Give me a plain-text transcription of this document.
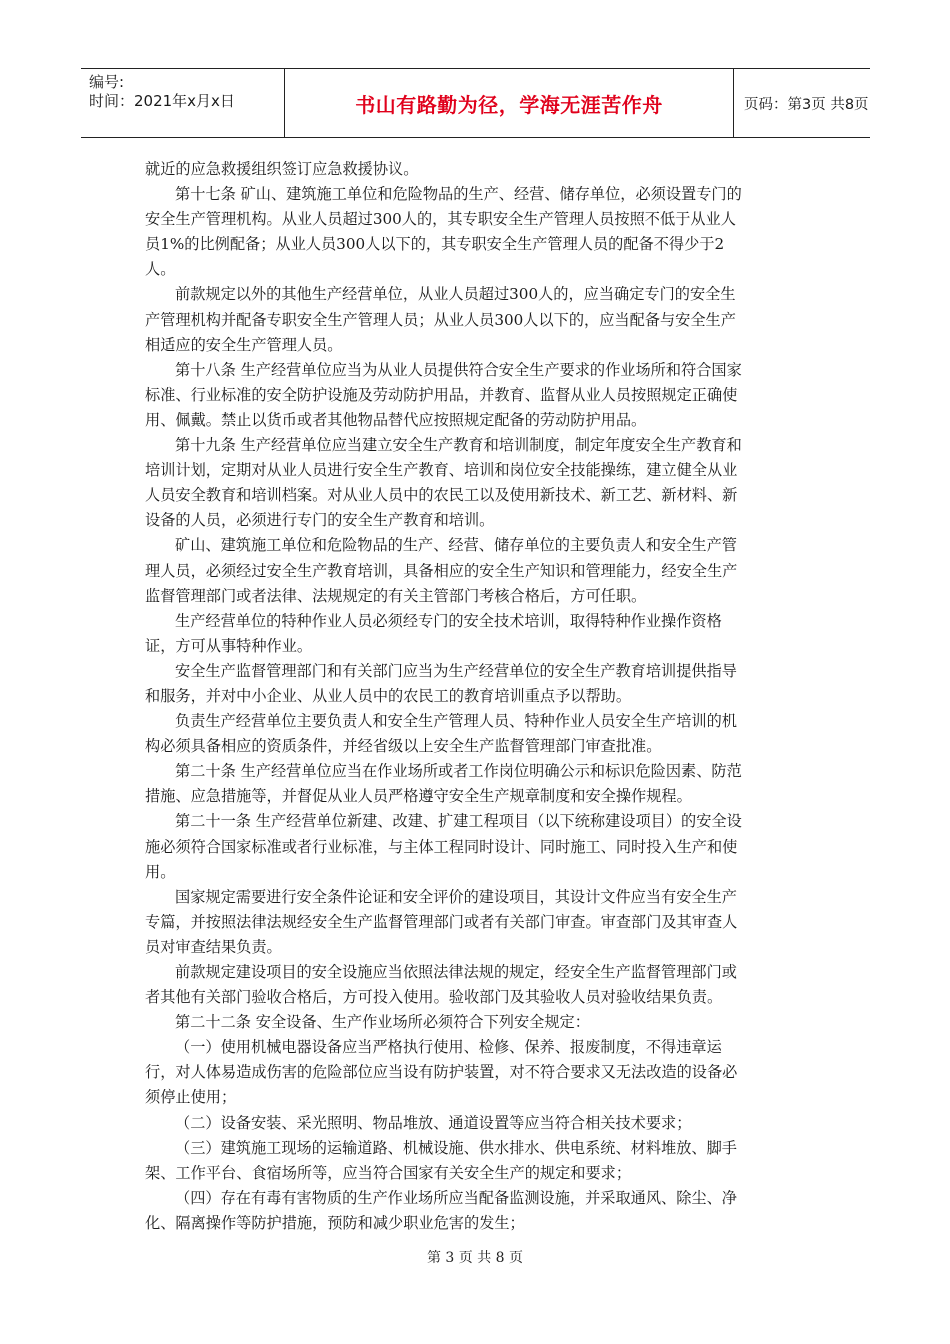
编号:
时间：2021年x月x日	书山有路勤为径，学海无涯苦作舟	页码：第3页 共8页
就近的应急救援组织签订应急救援协议。
第十七条 矿山、建筑施工单位和危险物品的生产、经营、储存单位，必须设置专门的
安全生产管理机构。从业人员超过300人的，其专职安全生产管理人员按照不低于从业人
员1%的比例配备；从业人员300人以下的，其专职安全生产管理人员的配备不得少于2
人。
前款规定以外的其他生产经营单位，从业人员超过300人的，应当确定专门的安全生
产管理机构并配备专职安全生产管理人员；从业人员300人以下的，应当配备与安全生产
相适应的安全生产管理人员。
第十八条 生产经营单位应当为从业人员提供符合安全生产要求的作业场所和符合国家
标准、行业标准的安全防护设施及劳动防护用品，并教育、监督从业人员按照规定正确使
用、佩戴。禁止以货币或者其他物品替代应按照规定配备的劳动防护用品。
第十九条 生产经营单位应当建立安全生产教育和培训制度，制定年度安全生产教育和
培训计划，定期对从业人员进行安全生产教育、培训和岗位安全技能操练，建立健全从业
人员安全教育和培训档案。对从业人员中的农民工以及使用新技术、新工艺、新材料、新
设备的人员，必须进行专门的安全生产教育和培训。
矿山、建筑施工单位和危险物品的生产、经营、储存单位的主要负责人和安全生产管
理人员，必须经过安全生产教育培训，具备相应的安全生产知识和管理能力，经安全生产
监督管理部门或者法律、法规规定的有关主管部门考核合格后，方可任职。
生产经营单位的特种作业人员必须经专门的安全技术培训，取得特种作业操作资格
证，方可从事特种作业。
安全生产监督管理部门和有关部门应当为生产经营单位的安全生产教育培训提供指导
和服务，并对中小企业、从业人员中的农民工的教育培训重点予以帮助。
负责生产经营单位主要负责人和安全生产管理人员、特种作业人员安全生产培训的机
构必须具备相应的资质条件，并经省级以上安全生产监督管理部门审查批准。
第二十条 生产经营单位应当在作业场所或者工作岗位明确公示和标识危险因素、防范
措施、应急措施等，并督促从业人员严格遵守安全生产规章制度和安全操作规程。
第二十一条 生产经营单位新建、改建、扩建工程项目（以下统称建设项目）的安全设
施必须符合国家标准或者行业标准，与主体工程同时设计、同时施工、同时投入生产和使
用。
国家规定需要进行安全条件论证和安全评价的建设项目，其设计文件应当有安全生产
专篇，并按照法律法规经安全生产监督管理部门或者有关部门审查。审查部门及其审查人
员对审查结果负责。
前款规定建设项目的安全设施应当依照法律法规的规定，经安全生产监督管理部门或
者其他有关部门验收合格后，方可投入使用。验收部门及其验收人员对验收结果负责。
第二十二条 安全设备、生产作业场所必须符合下列安全规定：
（一）使用机械电器设备应当严格执行使用、检修、保养、报废制度，不得违章运
行，对人体易造成伤害的危险部位应当设有防护装置，对不符合要求又无法改造的设备必
须停止使用；
（二）设备安装、采光照明、物品堆放、通道设置等应当符合相关技术要求；
（三）建筑施工现场的运输道路、机械设施、供水排水、供电系统、材料堆放、脚手
架、工作平台、食宿场所等，应当符合国家有关安全生产的规定和要求；
（四）存在有毒有害物质的生产作业场所应当配备监测设施，并采取通风、除尘、净
化、隔离操作等防护措施，预防和减少职业危害的发生；
第 3 页 共 8 页
